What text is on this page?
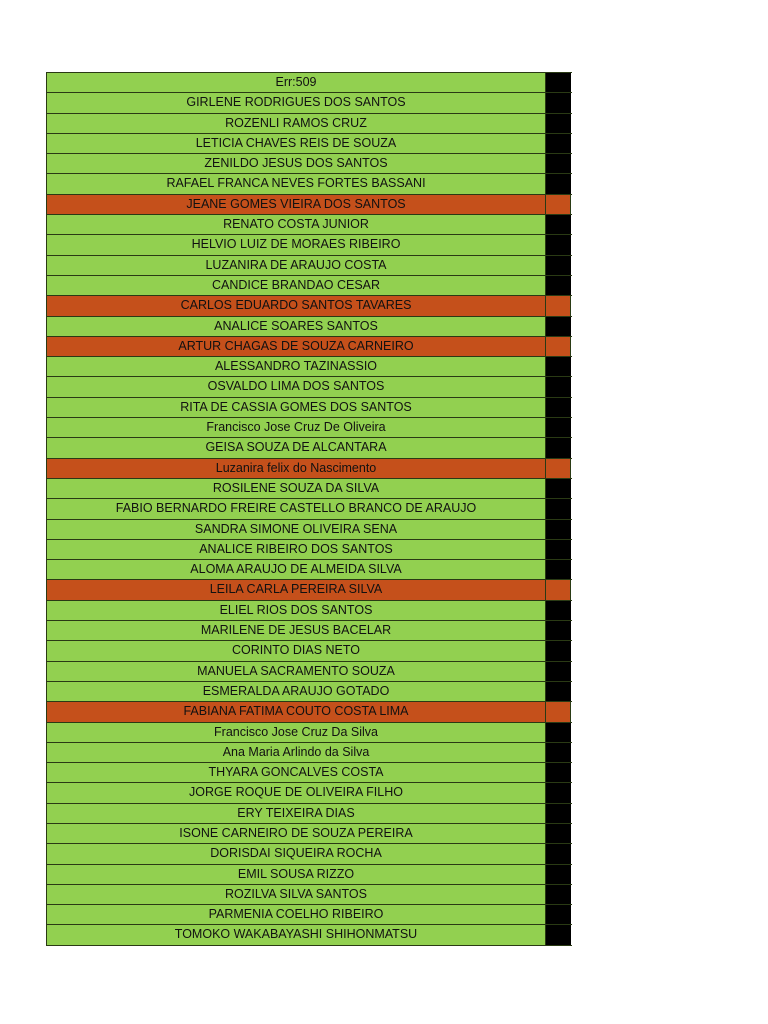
Err:509
GIRLENE RODRIGUES DOS SANTOS
ROZENLI RAMOS CRUZ
LETICIA CHAVES REIS DE SOUZA
ZENILDO JESUS DOS SANTOS
RAFAEL FRANCA NEVES FORTES BASSANI
JEANE GOMES VIEIRA DOS SANTOS
RENATO COSTA JUNIOR
HELVIO LUIZ DE MORAES RIBEIRO
LUZANIRA DE ARAUJO COSTA
CANDICE BRANDAO CESAR
CARLOS EDUARDO SANTOS TAVARES
ANALICE SOARES SANTOS
ARTUR CHAGAS DE SOUZA CARNEIRO
ALESSANDRO TAZINASSIO
OSVALDO LIMA DOS SANTOS
RITA DE CASSIA GOMES DOS SANTOS
Francisco Jose Cruz De Oliveira
GEISA SOUZA DE ALCANTARA
Luzanira felix do Nascimento
ROSILENE SOUZA DA SILVA
FABIO BERNARDO FREIRE CASTELLO BRANCO DE ARAUJO
SANDRA SIMONE OLIVEIRA SENA
ANALICE RIBEIRO DOS SANTOS
ALOMA ARAUJO DE ALMEIDA SILVA
LEILA CARLA PEREIRA SILVA
ELIEL RIOS DOS SANTOS
MARILENE DE JESUS BACELAR
CORINTO DIAS NETO
MANUELA SACRAMENTO SOUZA
ESMERALDA ARAUJO GOTADO
FABIANA FATIMA COUTO COSTA LIMA
Francisco Jose Cruz Da Silva
Ana Maria Arlindo da Silva
THYARA GONCALVES COSTA
JORGE ROQUE DE OLIVEIRA FILHO
ERY TEIXEIRA DIAS
ISONE CARNEIRO DE SOUZA PEREIRA
DORISDAI SIQUEIRA ROCHA
EMIL SOUSA RIZZO
ROZILVA SILVA SANTOS
PARMENIA COELHO RIBEIRO
TOMOKO WAKABAYASHI SHIHONMATSU
